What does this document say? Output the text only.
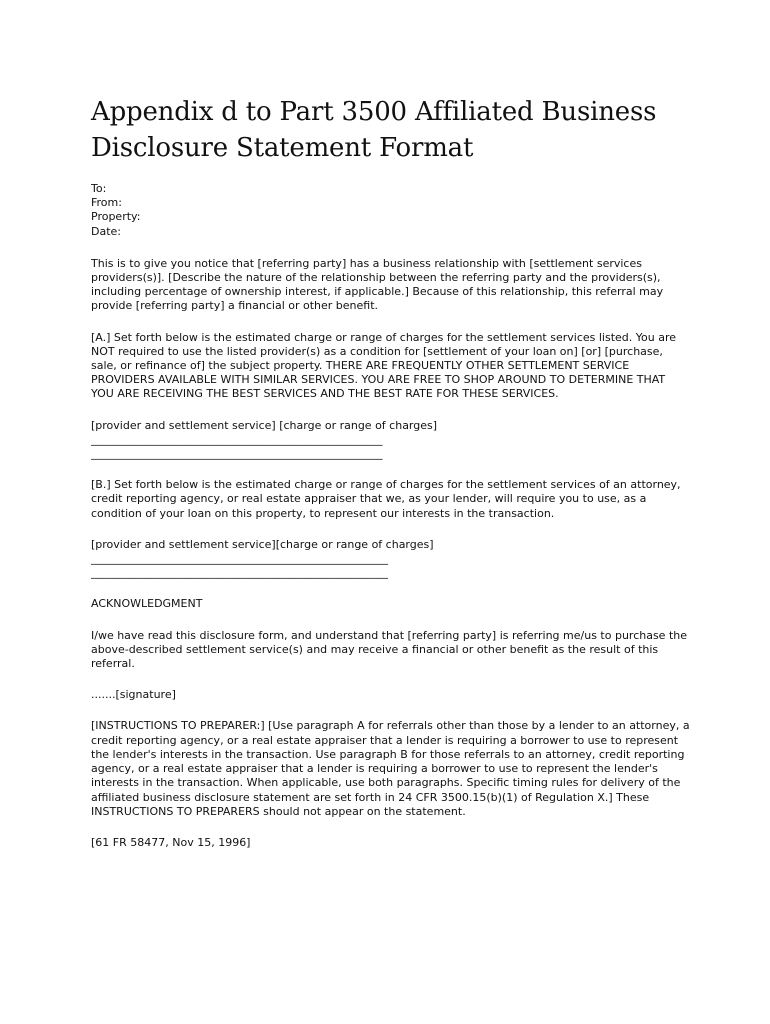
Appendix d to Part 3500 Affiliated Business Disclosure Statement Format

To:

From:

Property:

Date:

This is to give you notice that [referring party] has a business relationship with [settlement services providers(s)]. [Describe the nature of the relationship between the referring party and the providers(s), including percentage of ownership interest, if applicable.] Because of this relationship, this referral may provide [referring party] a financial or other benefit.

[A.] Set forth below is the estimated charge or range of charges for the settlement services listed. You are NOT required to use the listed provider(s) as a condition for [settlement of your loan on] [or] [purchase, sale, or refinance of] the subject property. THERE ARE FREQUENTLY OTHER SETTLEMENT SERVICE PROVIDERS AVAILABLE WITH SIMILAR SERVICES. YOU ARE FREE TO SHOP AROUND TO DETERMINE THAT YOU ARE RECEIVING THE BEST SERVICES AND THE BEST RATE FOR THESE SERVICES.

[provider and settlement service] [charge or range of charges]

_____________________________________________________

_____________________________________________________

[B.] Set forth below is the estimated charge or range of charges for the settlement services of an attorney, credit reporting agency, or real estate appraiser that we, as your lender, will require you to use, as a condition of your loan on this property, to represent our interests in the transaction.

[provider and settlement service][charge or range of charges]

______________________________________________________

______________________________________________________

ACKNOWLEDGMENT

I/we have read this disclosure form, and understand that [referring party] is referring me/us to purchase the above-described settlement service(s) and may receive a financial or other benefit as the result of this referral.

.......[signature]

[INSTRUCTIONS TO PREPARER:] [Use paragraph A for referrals other than those by a lender to an attorney, a credit reporting agency, or a real estate appraiser that a lender is requiring a borrower to use to represent the lender's interests in the transaction. Use paragraph B for those referrals to an attorney, credit reporting agency, or a real estate appraiser that a lender is requiring a borrower to use to represent the lender's interests in the transaction. When applicable, use both paragraphs. Specific timing rules for delivery of the affiliated business disclosure statement are set forth in 24 CFR 3500.15(b)(1) of Regulation X.] These INSTRUCTIONS TO PREPARERS should not appear on the statement.

[61 FR 58477, Nov 15, 1996]
